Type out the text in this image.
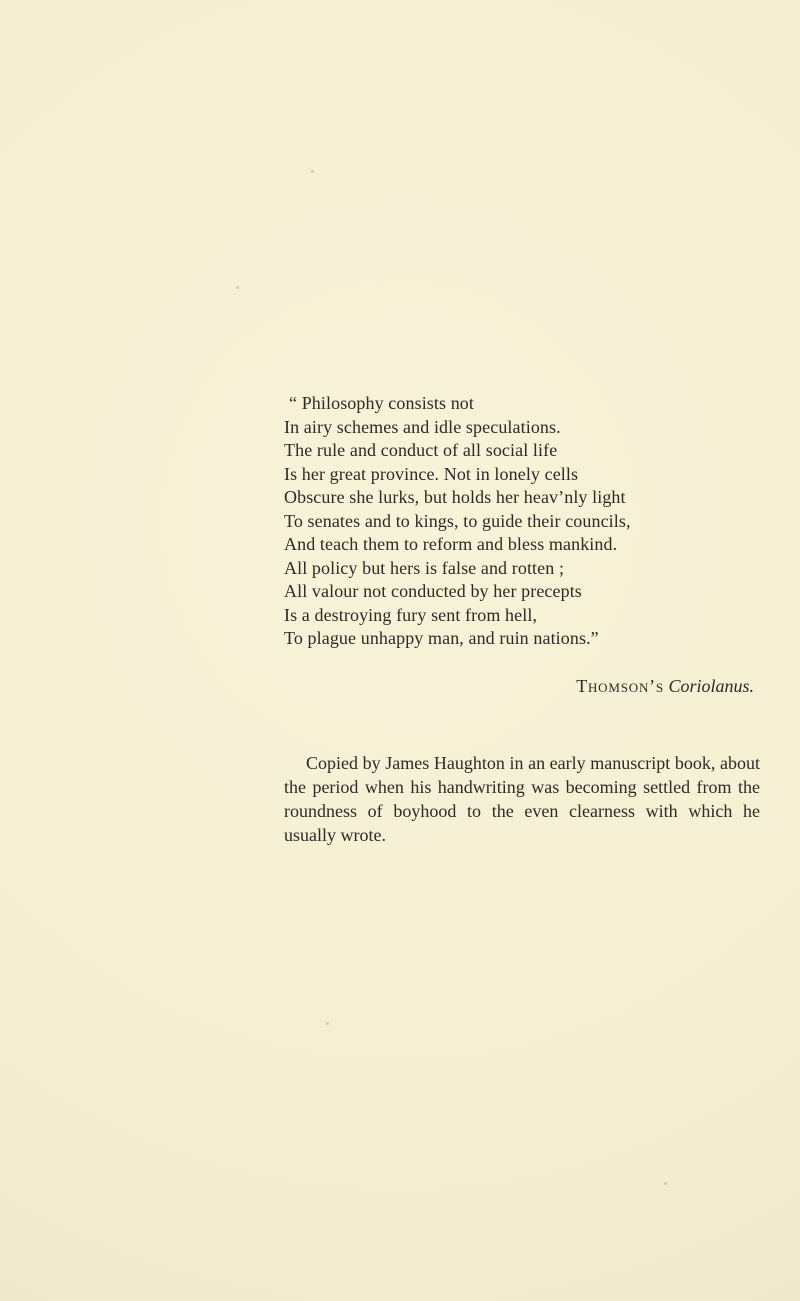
“ Philosophy consists not
In airy schemes and idle speculations.
The rule and conduct of all social life
Is her great province. Not in lonely cells
Obscure she lurks, but holds her heav’nly light
To senates and to kings, to guide their councils,
And teach them to reform and bless mankind.
All policy but hers is false and rotten ;
All valour not conducted by her precepts
Is a destroying fury sent from hell,
To plague unhappy man, and ruin nations.”
Thomson’s Coriolanus.

Copied by James Haughton in an early manuscript book, about the period when his handwriting was becoming settled from the roundness of boyhood to the even clearness with which he usually wrote.
